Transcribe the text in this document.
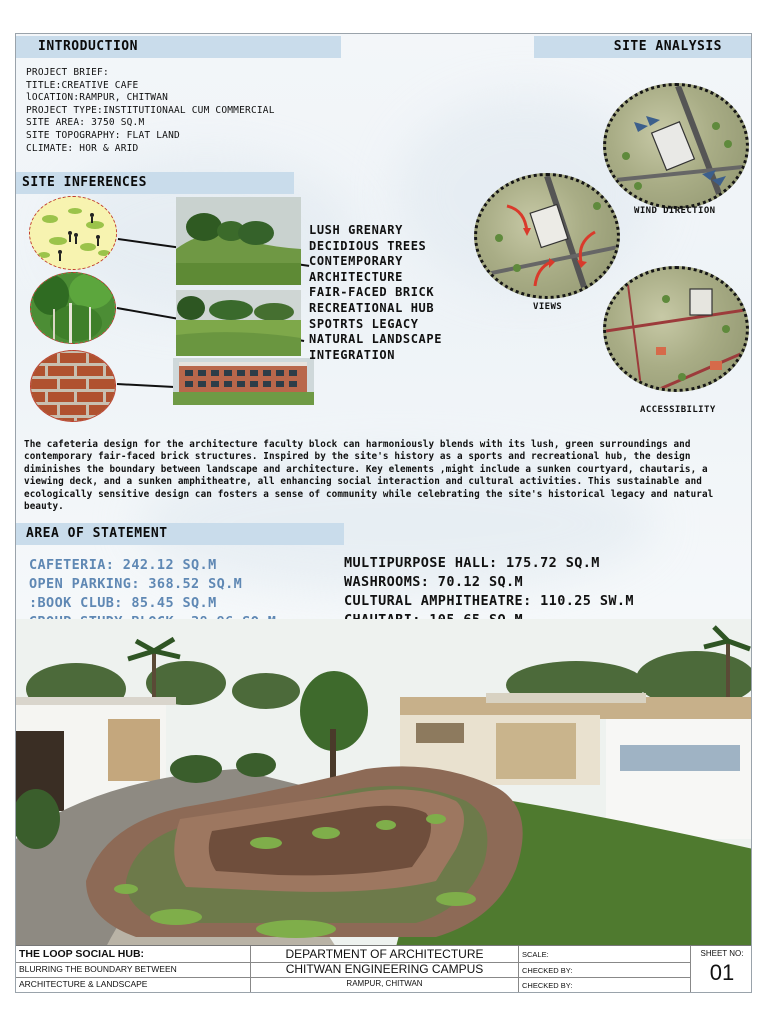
INTRODUCTION	SITE ANALYSIS
SITE INFERENCES
AREA OF STATEMENT
PROJECT BRIEF:
TITLE:CREATIVE CAFE
lOCATION:RAMPUR, CHITWAN
PROJECT TYPE:INSTITUTIONAAL CUM COMMERCIAL
SITE AREA: 3750 SQ.M
SITE TOPOGRAPHY: FLAT LAND
CLIMATE: HOR & ARID
LUSH GRENARY
DECIDIOUS TREES
CONTEMPORARY
ARCHITECTURE
FAIR-FACED BRICK
RECREATIONAL HUB
SPOTRTS LEGACY
NATURAL LANDSCAPE
INTEGRATION
WIND DIRECTION
VIEWS
ACCESSIBILITY
The cafeteria design for the architecture faculty block can harmoniously blends with its lush, green surroundings and contemporary fair-faced brick structures. Inspired by the site's history as a sports and recreational hub, the design diminishes the boundary between landscape and architecture. Key elements ,might include a sunken courtyard, chautaris, a viewing deck, and a sunken amphitheatre, all enhancing social interaction and cultural activities. This sustainable and ecologically sensitive design can fosters a sense of community while celebrating the site's historical legacy and natural beauty.
CAFETERIA: 242.12 SQ.M
OPEN PARKING: 368.52 SQ.M
:BOOK CLUB: 85.45 SQ.M
MULTIPURPOSE HALL: 175.72 SQ.M
WASHROOMS: 70.12 SQ.M
CULTURAL AMPHITHEATRE: 110.25 SW.M
THE LOOP SOCIAL HUB:
BLURRING THE BOUNDARY BETWEEN
ARCHITECTURE & LANDSCAPE
DEPARTMENT OF ARCHITECTURE
CHITWAN ENGINEERING CAMPUS
RAMPUR, CHITWAN
SCALE:
CHECKED BY:
CHECKED BY:
SHEET NO:
01
